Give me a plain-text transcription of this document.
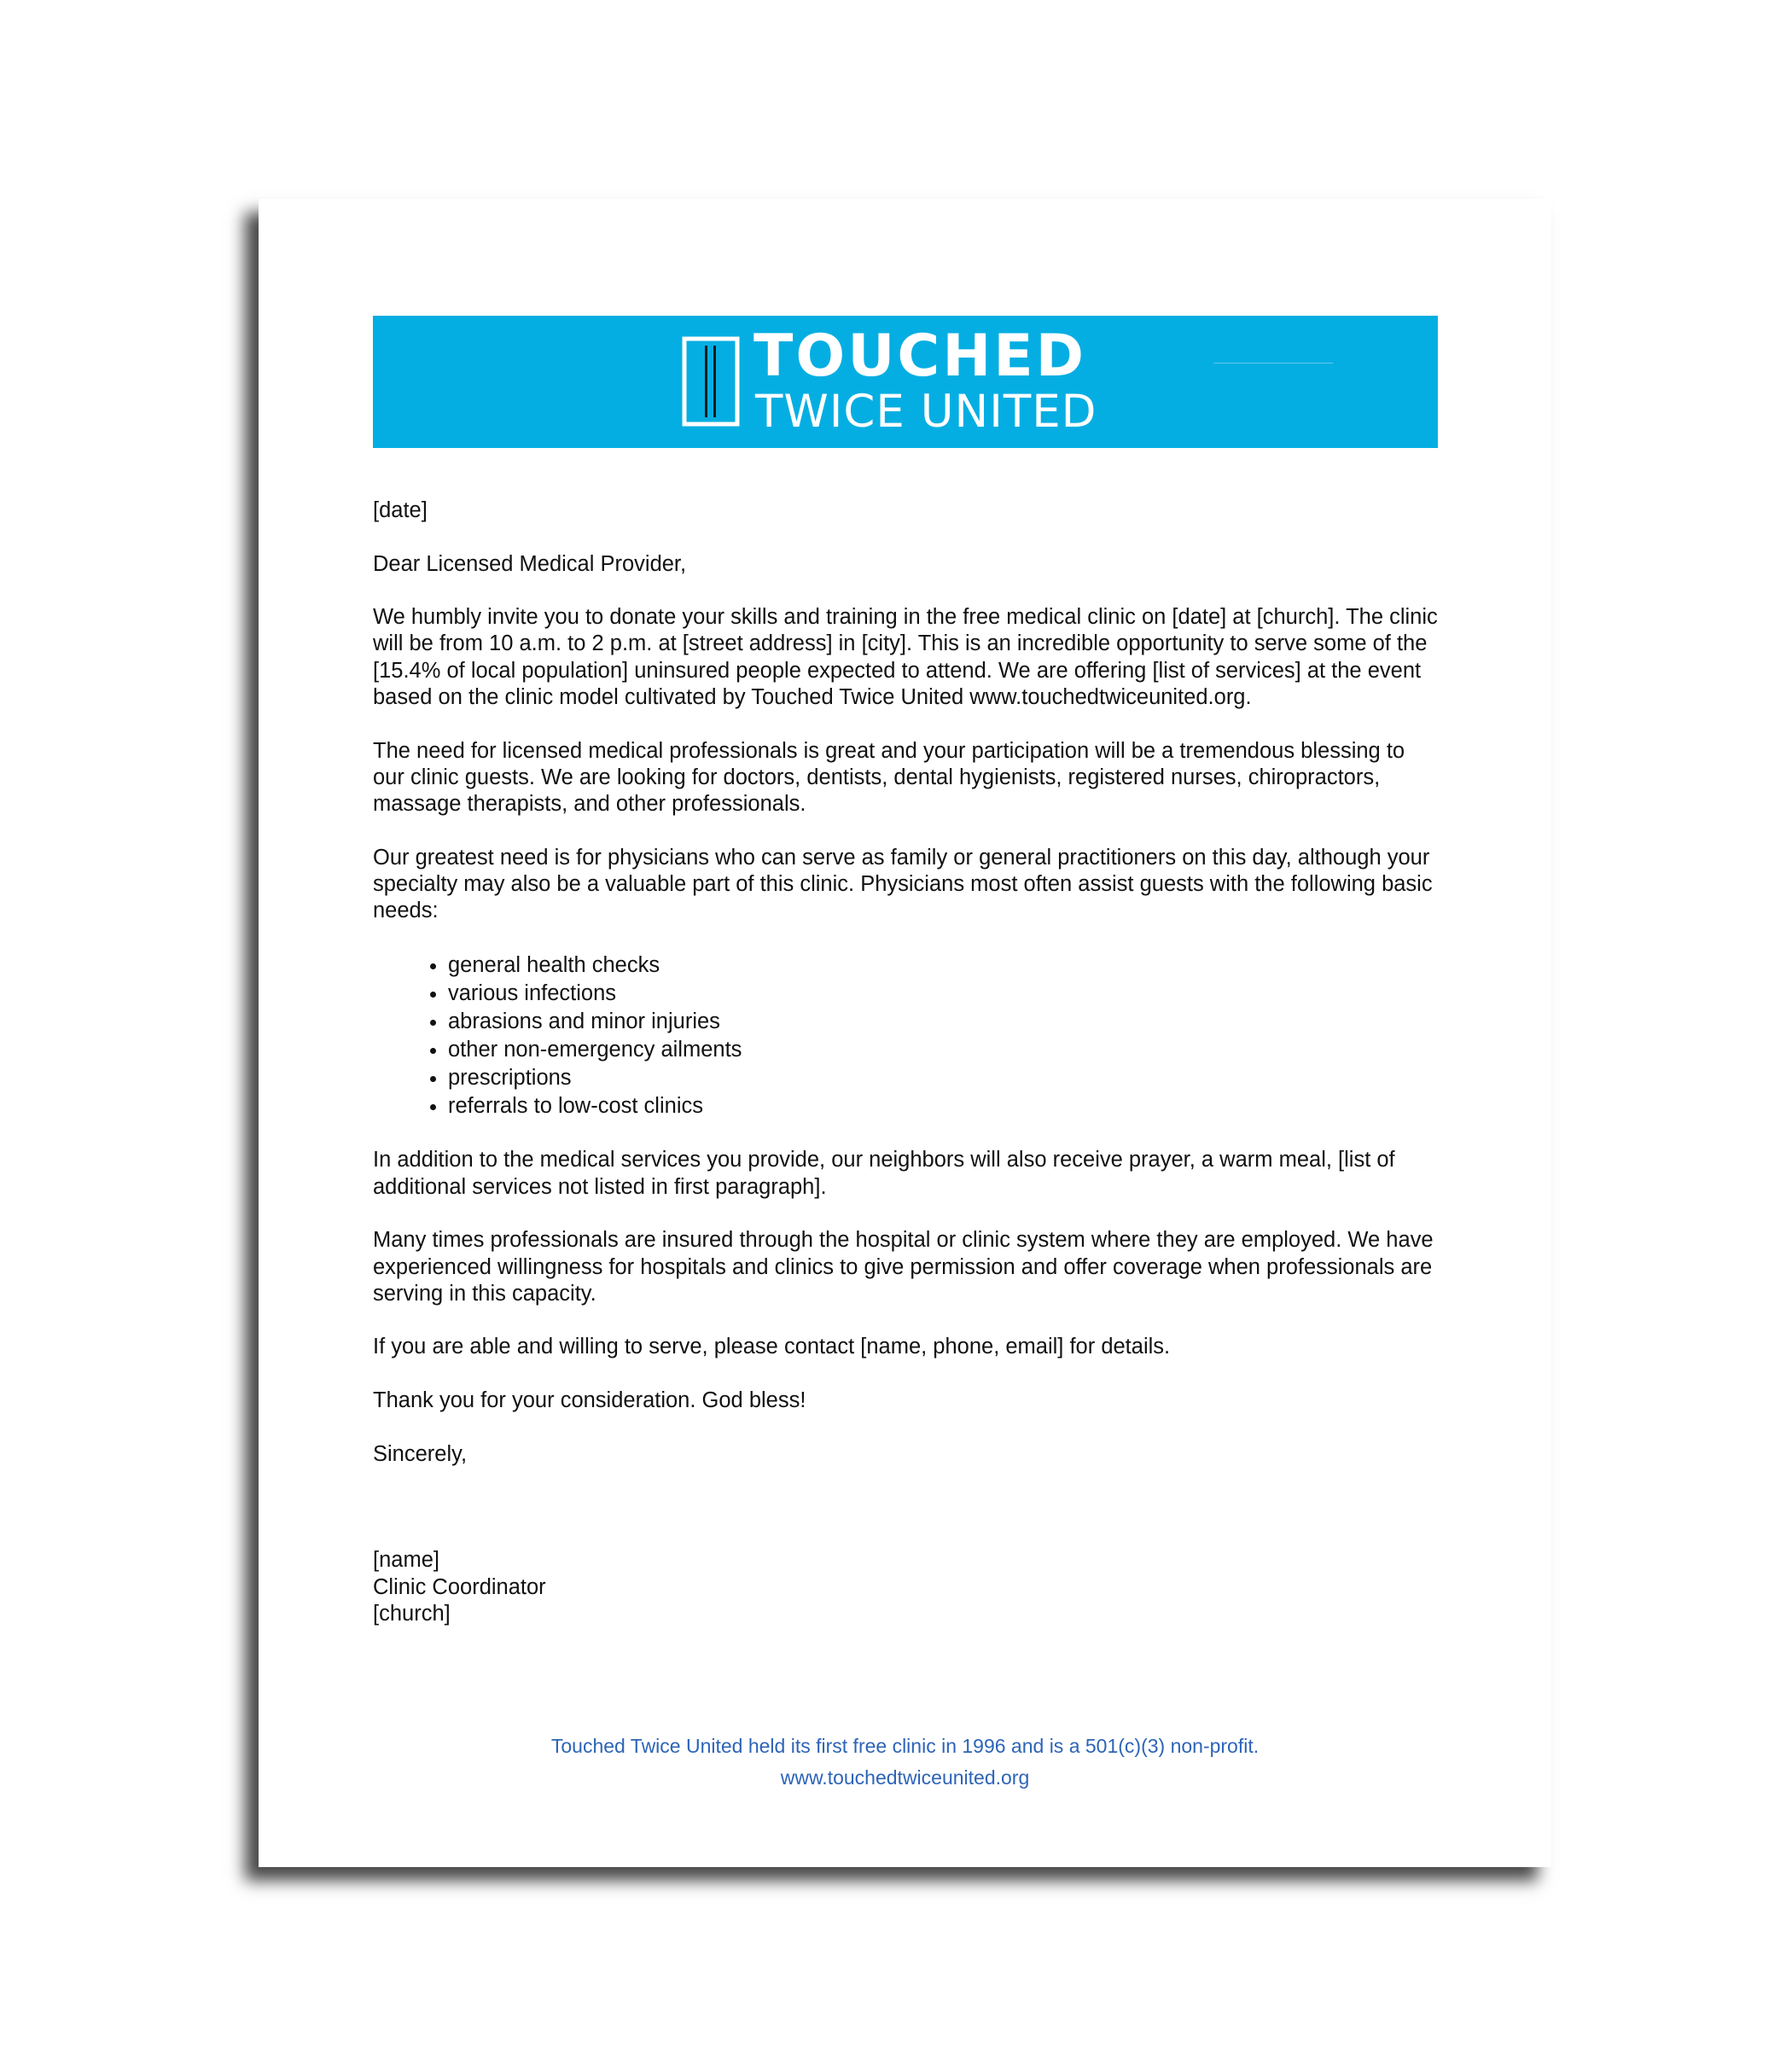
TOUCHED
TWICE UNITED

[date]

Dear Licensed Medical Provider,

We humbly invite you to donate your skills and training in the free medical clinic on [date] at [church]. The clinic will be from 10 a.m. to 2 p.m. at [street address] in [city]. This is an incredible opportunity to serve some of the [15.4% of local population] uninsured people expected to attend. We are offering [list of services] at the event based on the clinic model cultivated by Touched Twice United www.touchedtwiceunited.org.

The need for licensed medical professionals is great and your participation will be a tremendous blessing to our clinic guests. We are looking for doctors, dentists, dental hygienists, registered nurses, chiropractors, massage therapists, and other professionals.

Our greatest need is for physicians who can serve as family or general practitioners on this day, although your specialty may also be a valuable part of this clinic. Physicians most often assist guests with the following basic needs:

• general health checks
• various infections
• abrasions and minor injuries
• other non-emergency ailments
• prescriptions
• referrals to low-cost clinics

In addition to the medical services you provide, our neighbors will also receive prayer, a warm meal, [list of additional services not listed in first paragraph].

Many times professionals are insured through the hospital or clinic system where they are employed. We have experienced willingness for hospitals and clinics to give permission and offer coverage when professionals are serving in this capacity.

If you are able and willing to serve, please contact [name, phone, email] for details.

Thank you for your consideration. God bless!

Sincerely,

[name]
Clinic Coordinator
[church]
Touched Twice United held its first free clinic in 1996 and is a 501(c)(3) non-profit.
www.touchedtwiceunited.org
